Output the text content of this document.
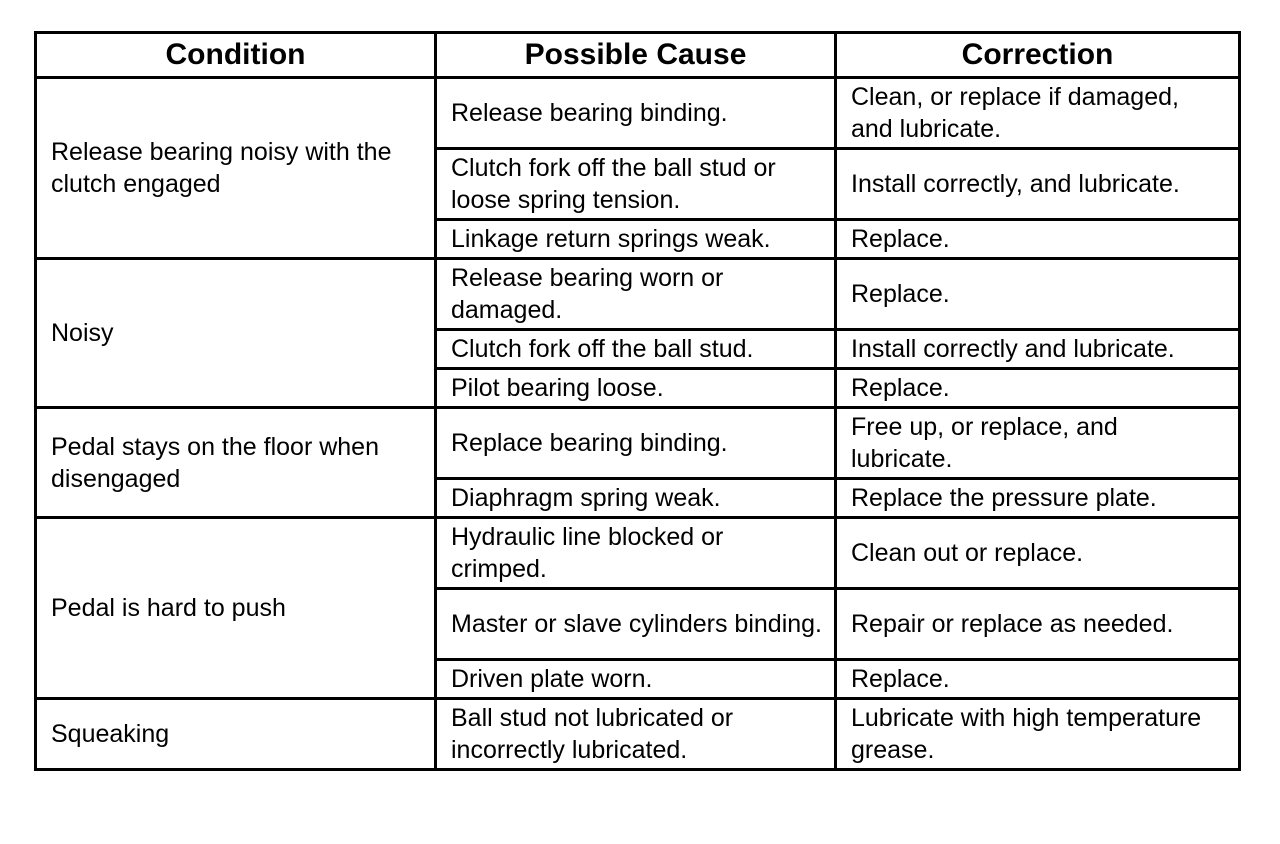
Condition	Possible Cause	Correction
Release bearing noisy with the clutch engaged	Release bearing binding.	Clean, or replace if damaged, and lubricate.
	Clutch fork off the ball stud or loose spring tension.	Install correctly, and lubricate.
	Linkage return springs weak.	Replace.
Noisy	Release bearing worn or damaged.	Replace.
	Clutch fork off the ball stud.	Install correctly and lubricate.
	Pilot bearing loose.	Replace.
Pedal stays on the floor when disengaged	Replace bearing binding.	Free up, or replace, and lubricate.
	Diaphragm spring weak.	Replace the pressure plate.
Pedal is hard to push	Hydraulic line blocked or crimped.	Clean out or replace.
	Master or slave cylinders binding.	Repair or replace as needed.
	Driven plate worn.	Replace.
Squeaking	Ball stud not lubricated or incorrectly lubricated.	Lubricate with high temperature grease.
